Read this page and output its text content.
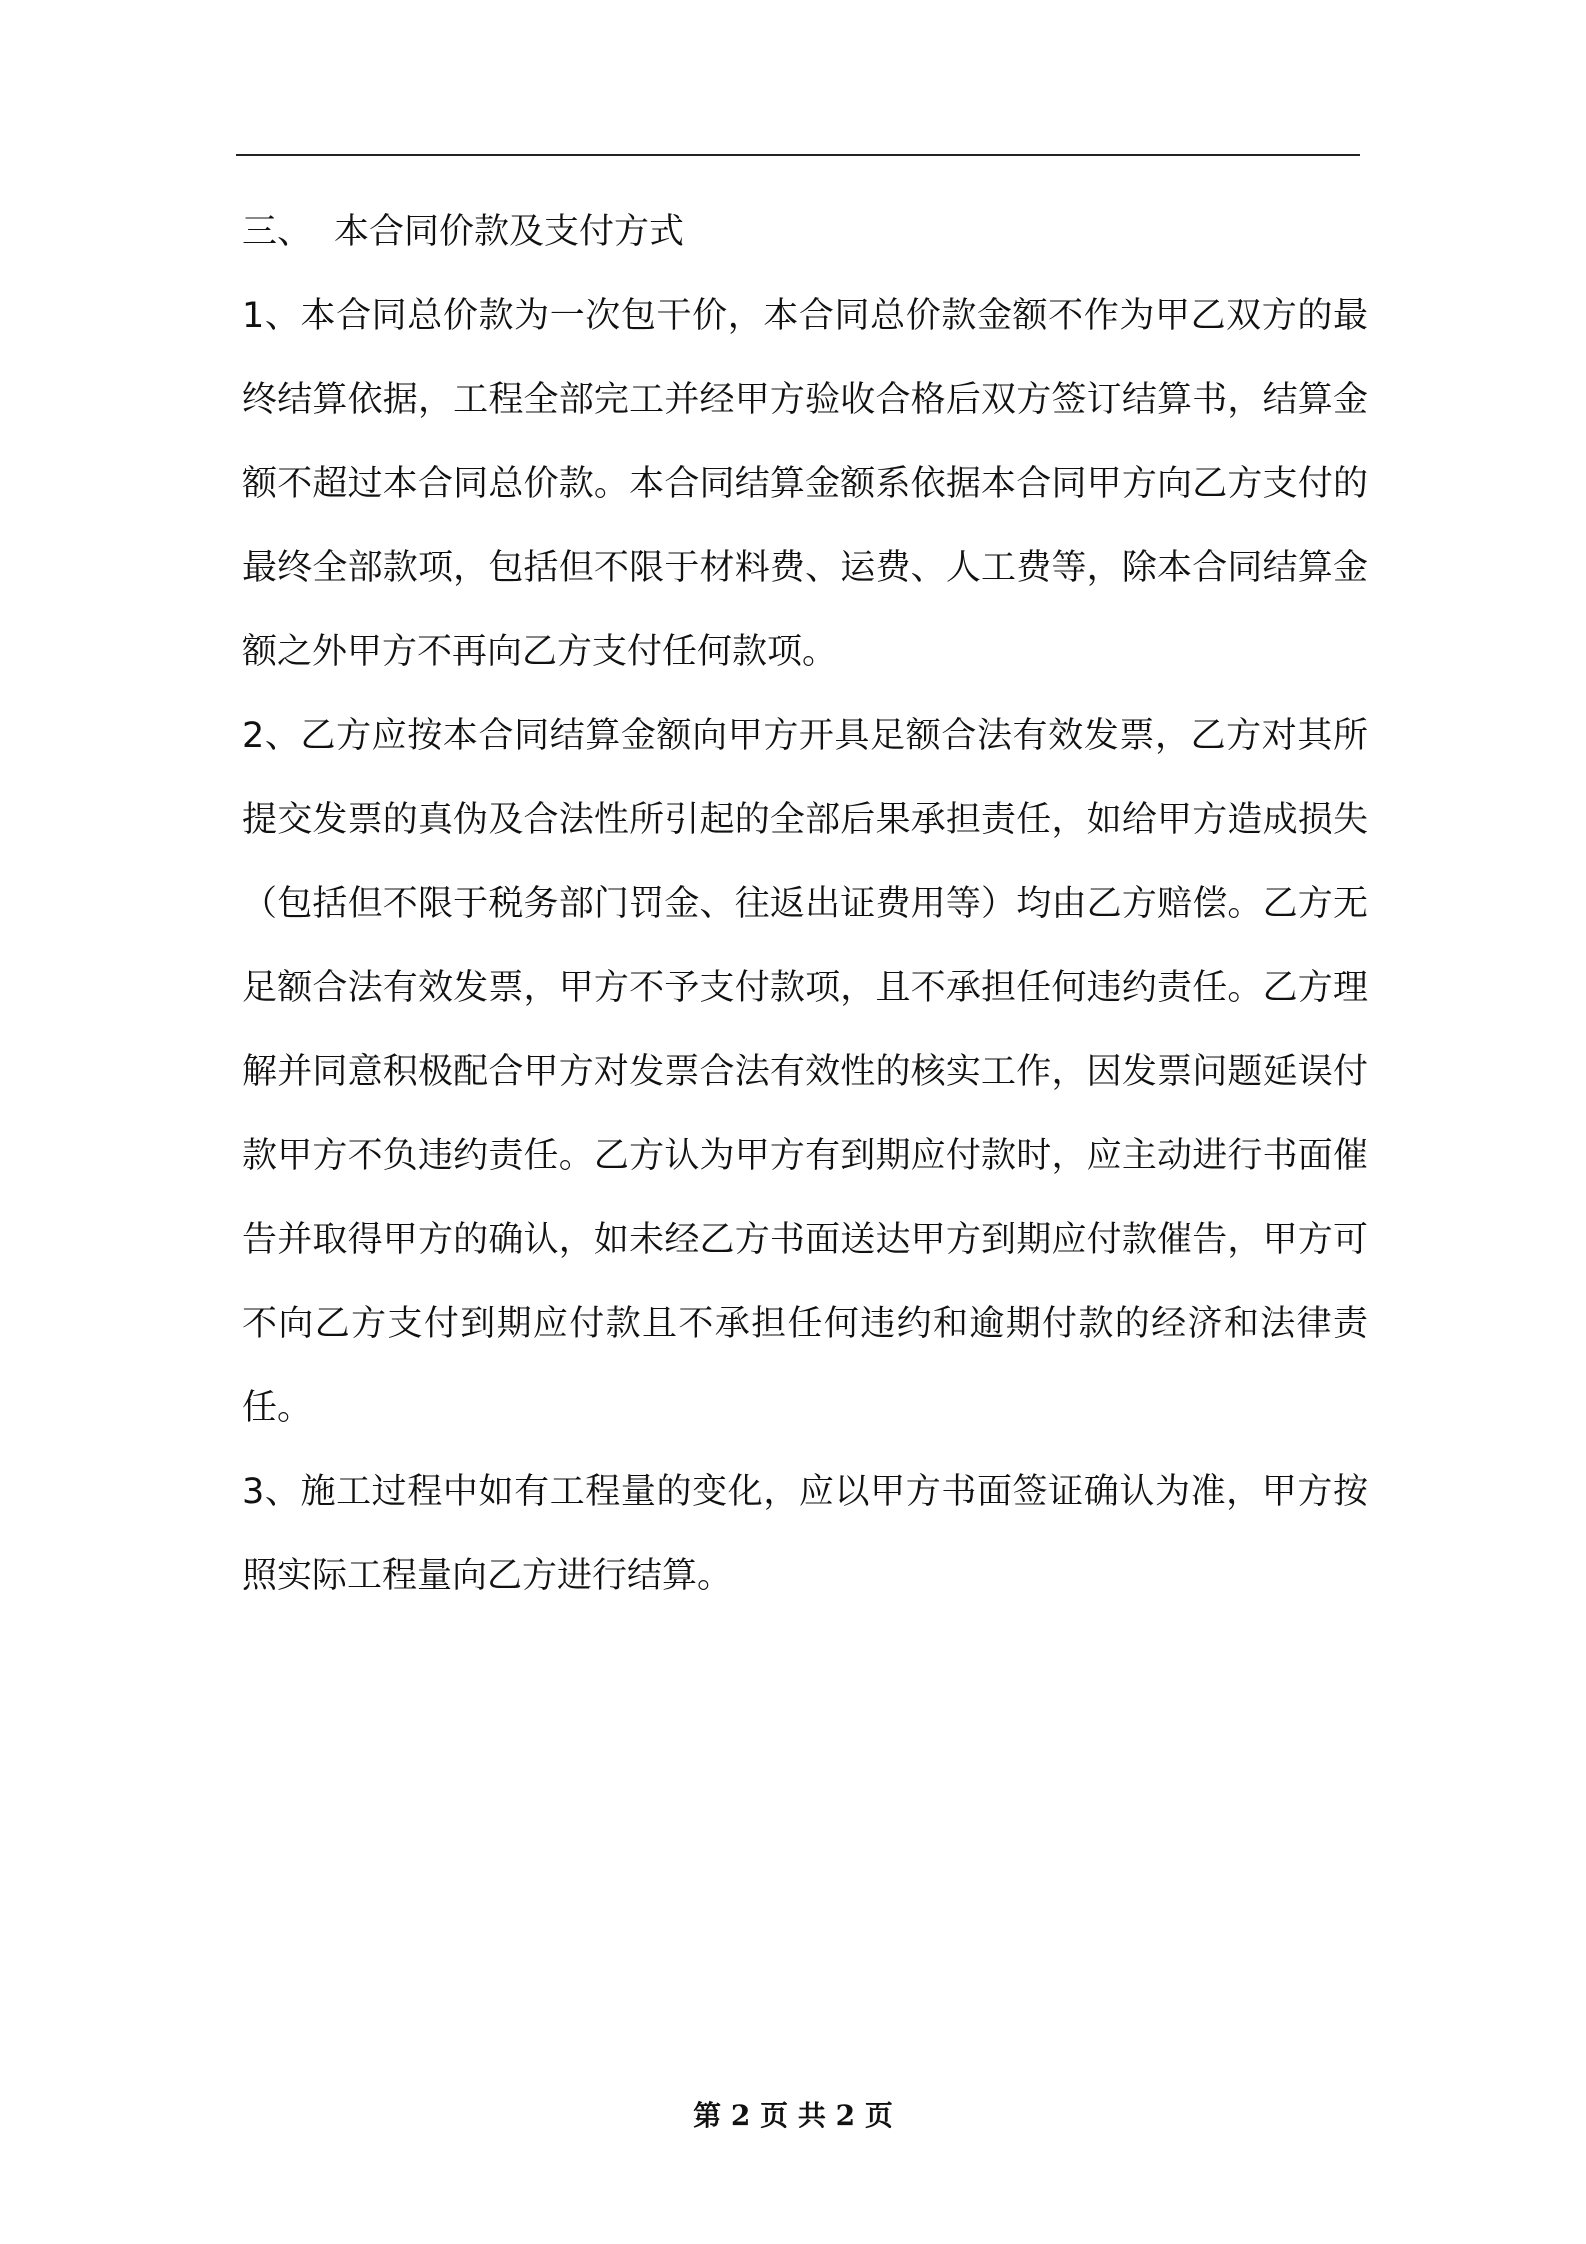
三、 本合同价款及支付方式

1、本合同总价款为一次包干价，本合同总价款金额不作为甲乙双方的最终结算依据，工程全部完工并经甲方验收合格后双方签订结算书，结算金额不超过本合同总价款。本合同结算金额系依据本合同甲方向乙方支付的最终全部款项，包括但不限于材料费、运费、人工费等，除本合同结算金额之外甲方不再向乙方支付任何款项。

2、乙方应按本合同结算金额向甲方开具足额合法有效发票，乙方对其所提交发票的真伪及合法性所引起的全部后果承担责任，如给甲方造成损失（包括但不限于税务部门罚金、往返出证费用等）均由乙方赔偿。乙方无足额合法有效发票，甲方不予支付款项，且不承担任何违约责任。乙方理解并同意积极配合甲方对发票合法有效性的核实工作，因发票问题延误付款甲方不负违约责任。乙方认为甲方有到期应付款时，应主动进行书面催告并取得甲方的确认，如未经乙方书面送达甲方到期应付款催告，甲方可不向乙方支付到期应付款且不承担任何违约和逾期付款的经济和法律责任。

3、施工过程中如有工程量的变化，应以甲方书面签证确认为准，甲方按照实际工程量向乙方进行结算。

第 2 页 共 2 页
